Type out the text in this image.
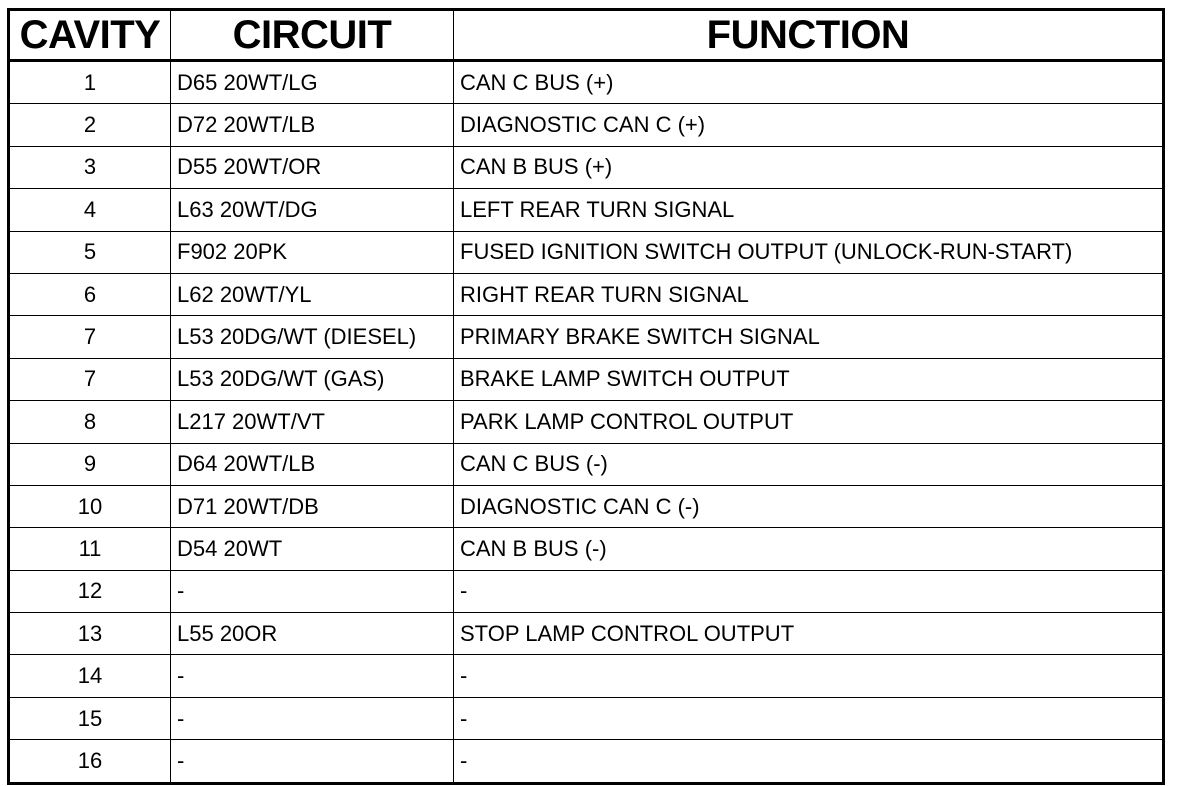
CAVITY	CIRCUIT	FUNCTION
1	D65 20WT/LG	CAN C BUS (+)
2	D72 20WT/LB	DIAGNOSTIC CAN C (+)
3	D55 20WT/OR	CAN B BUS (+)
4	L63 20WT/DG	LEFT REAR TURN SIGNAL
5	F902 20PK	FUSED IGNITION SWITCH OUTPUT (UNLOCK-RUN-START)
6	L62 20WT/YL	RIGHT REAR TURN SIGNAL
7	L53 20DG/WT (DIESEL)	PRIMARY BRAKE SWITCH SIGNAL
7	L53 20DG/WT (GAS)	BRAKE LAMP SWITCH OUTPUT
8	L217 20WT/VT	PARK LAMP CONTROL OUTPUT
9	D64 20WT/LB	CAN C BUS (-)
10	D71 20WT/DB	DIAGNOSTIC CAN C (-)
11	D54 20WT	CAN B BUS (-)
12	-	-
13	L55 20OR	STOP LAMP CONTROL OUTPUT
14	-	-
15	-	-
16	-	-
